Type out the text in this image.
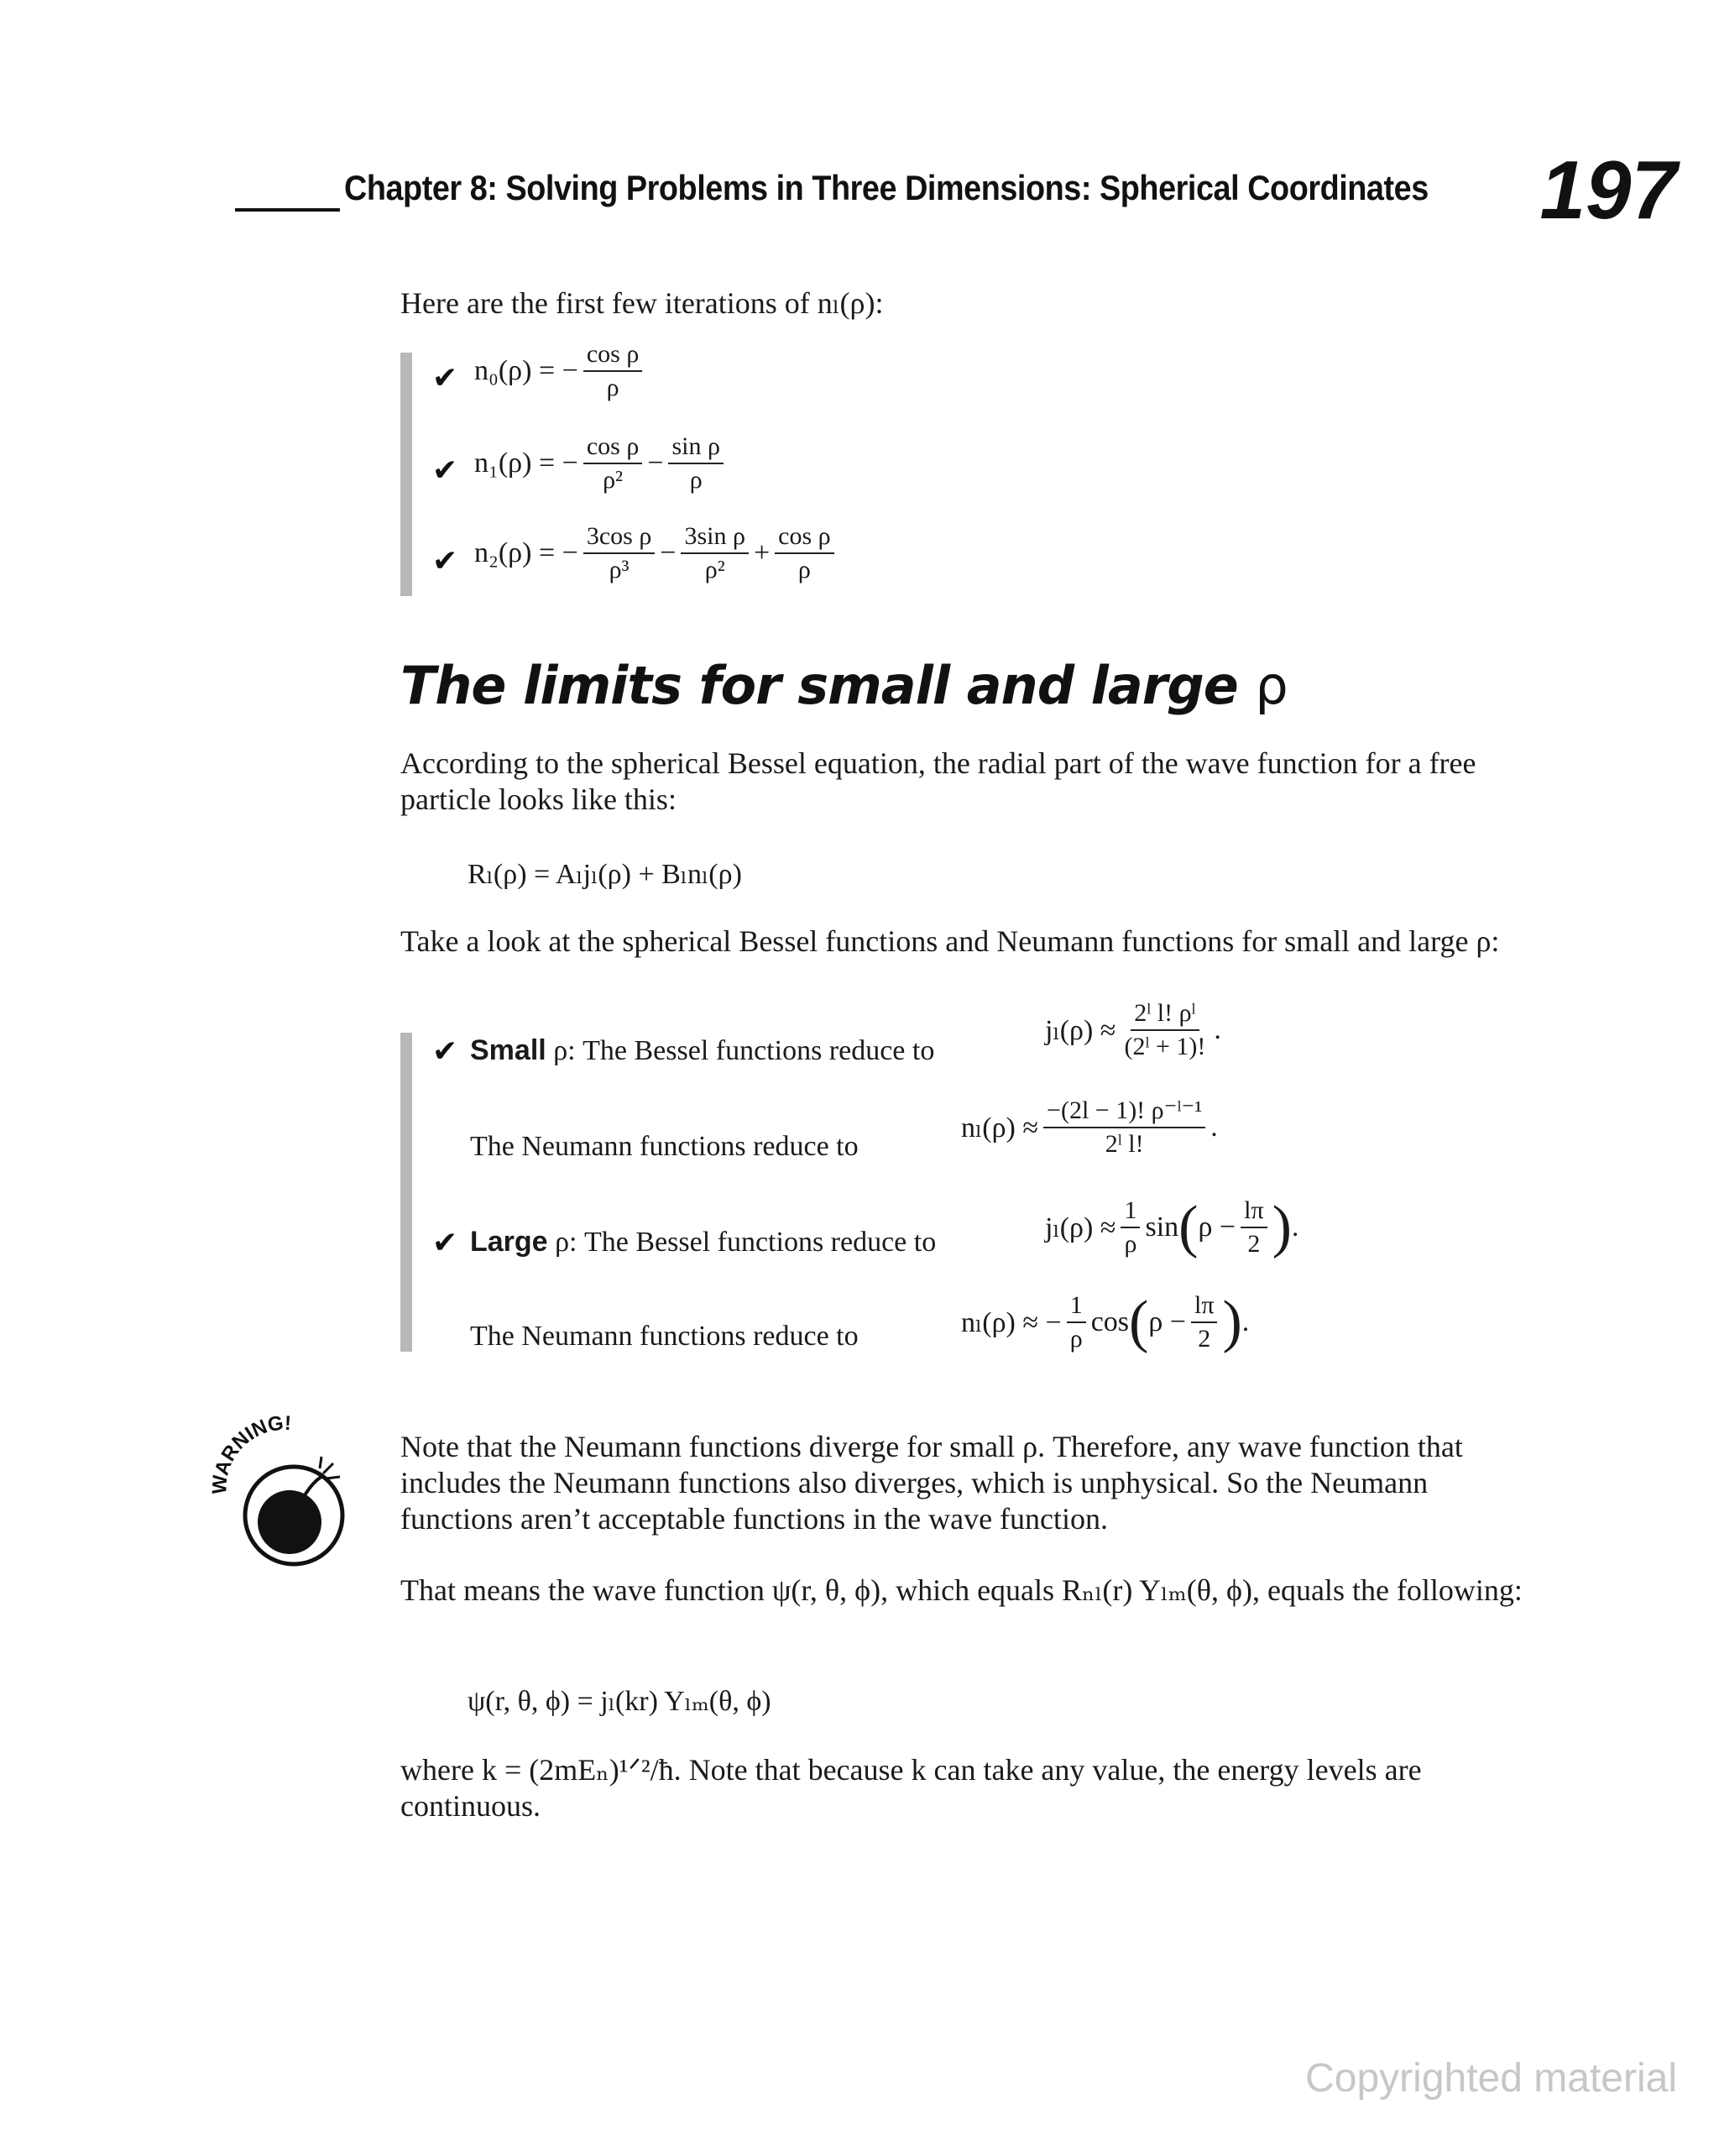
Chapter 8: Solving Problems in Three Dimensions: Spherical Coordinates 197
Here are the first few iterations of nₗ(ρ):
✔ n₀(ρ) = − $\frac{\text{cos ρ}}{\rho}$
✔ n₁(ρ) = − $\frac{\text{cos ρ}}{\text{ρ²}} - \frac{\text{sin ρ}}{\rho}$
✔ n₂(ρ) = − $\frac{\text{3cos ρ}}{\text{ρ³}} - \frac{\text{3sin ρ}}{\text{ρ²}} + \frac{\text{cos ρ}}{\rho}$
The limits for small and large ρ
According to the spherical Bessel equation, the radial part of the wave function for a free particle looks like this:
Rₗ(ρ) = Aₗjₗ(ρ) + Bₗnₗ(ρ)
Take a look at the spherical Bessel functions and Neumann functions for small and large ρ:
✔ Small ρ: The Bessel functions reduce to
$j_l(\rho) \approx \frac{\text{2ˡ l! ρˡ}}{\text{(2ˡ + 1)!}}$ .
The Neumann functions reduce to
$n_l(\rho) \approx \frac{\text{−(2l − 1)! ρ⁻ˡ⁻¹}}{\text{2ˡ l!}}$ .
✔ Large ρ: The Bessel functions reduce to	$j_l(\rho) \approx \frac{1}{\rho}$ sin ( $\rho - \frac{l\pi}{2}$ ) .
The Neumann functions reduce to	nₗ(ρ) ≈ − $\frac{1}{\rho}$ cos ( $\rho - \frac{l\pi}{2}$ ) .
WARNING!
Note that the Neumann functions diverge for small ρ. Therefore, any wave function that includes the Neumann functions also diverges, which is unphysical. So the Neumann functions aren’t acceptable functions in the wave function.
That means the wave function ψ(r, θ, ϕ), which equals Rₙₗ(r) Yₗₘ(θ, ϕ), equals the following:
ψ(r, θ, ϕ) = jₗ(kr) Yₗₘ(θ, ϕ)
where k = (2mEₙ)¹ᐟ²/ħ. Note that because k can take any value, the energy levels are continuous.
Copyrighted material
